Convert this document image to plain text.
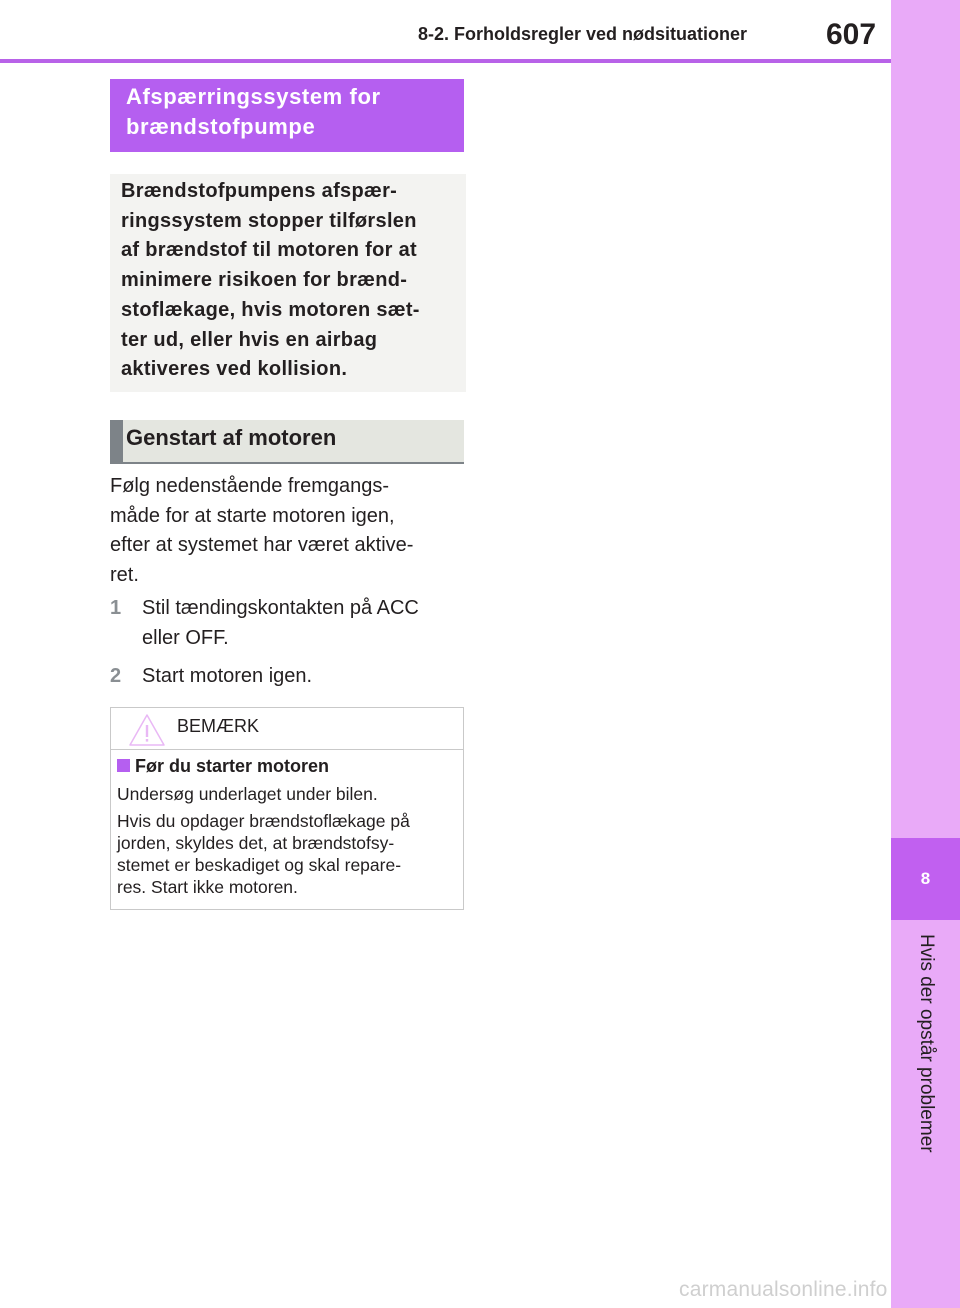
8-2. Forholdsregler ved nødsituationer	607
8
Hvis der opstår problemer
Afspærringssystem for
brændstofpumpe
Brændstofpumpens afspær-
ringssystem stopper tilførslen
af brændstof til motoren for at
minimere risikoen for brænd-
stoflækage, hvis motoren sæt-
ter ud, eller hvis en airbag
aktiveres ved kollision.
Genstart af motoren
Følg nedenstående fremgangs-
måde for at starte motoren igen,
efter at systemet har været aktive-
ret.
1 Stil tændingskontakten på ACC
eller OFF.
2 Start motoren igen.
BEMÆRK
Før du starter motoren
Undersøg underlaget under bilen.
Hvis du opdager brændstoflækage på
jorden, skyldes det, at brændstofsy-
stemet er beskadiget og skal repare-
res. Start ikke motoren.
carmanualsonline.info
